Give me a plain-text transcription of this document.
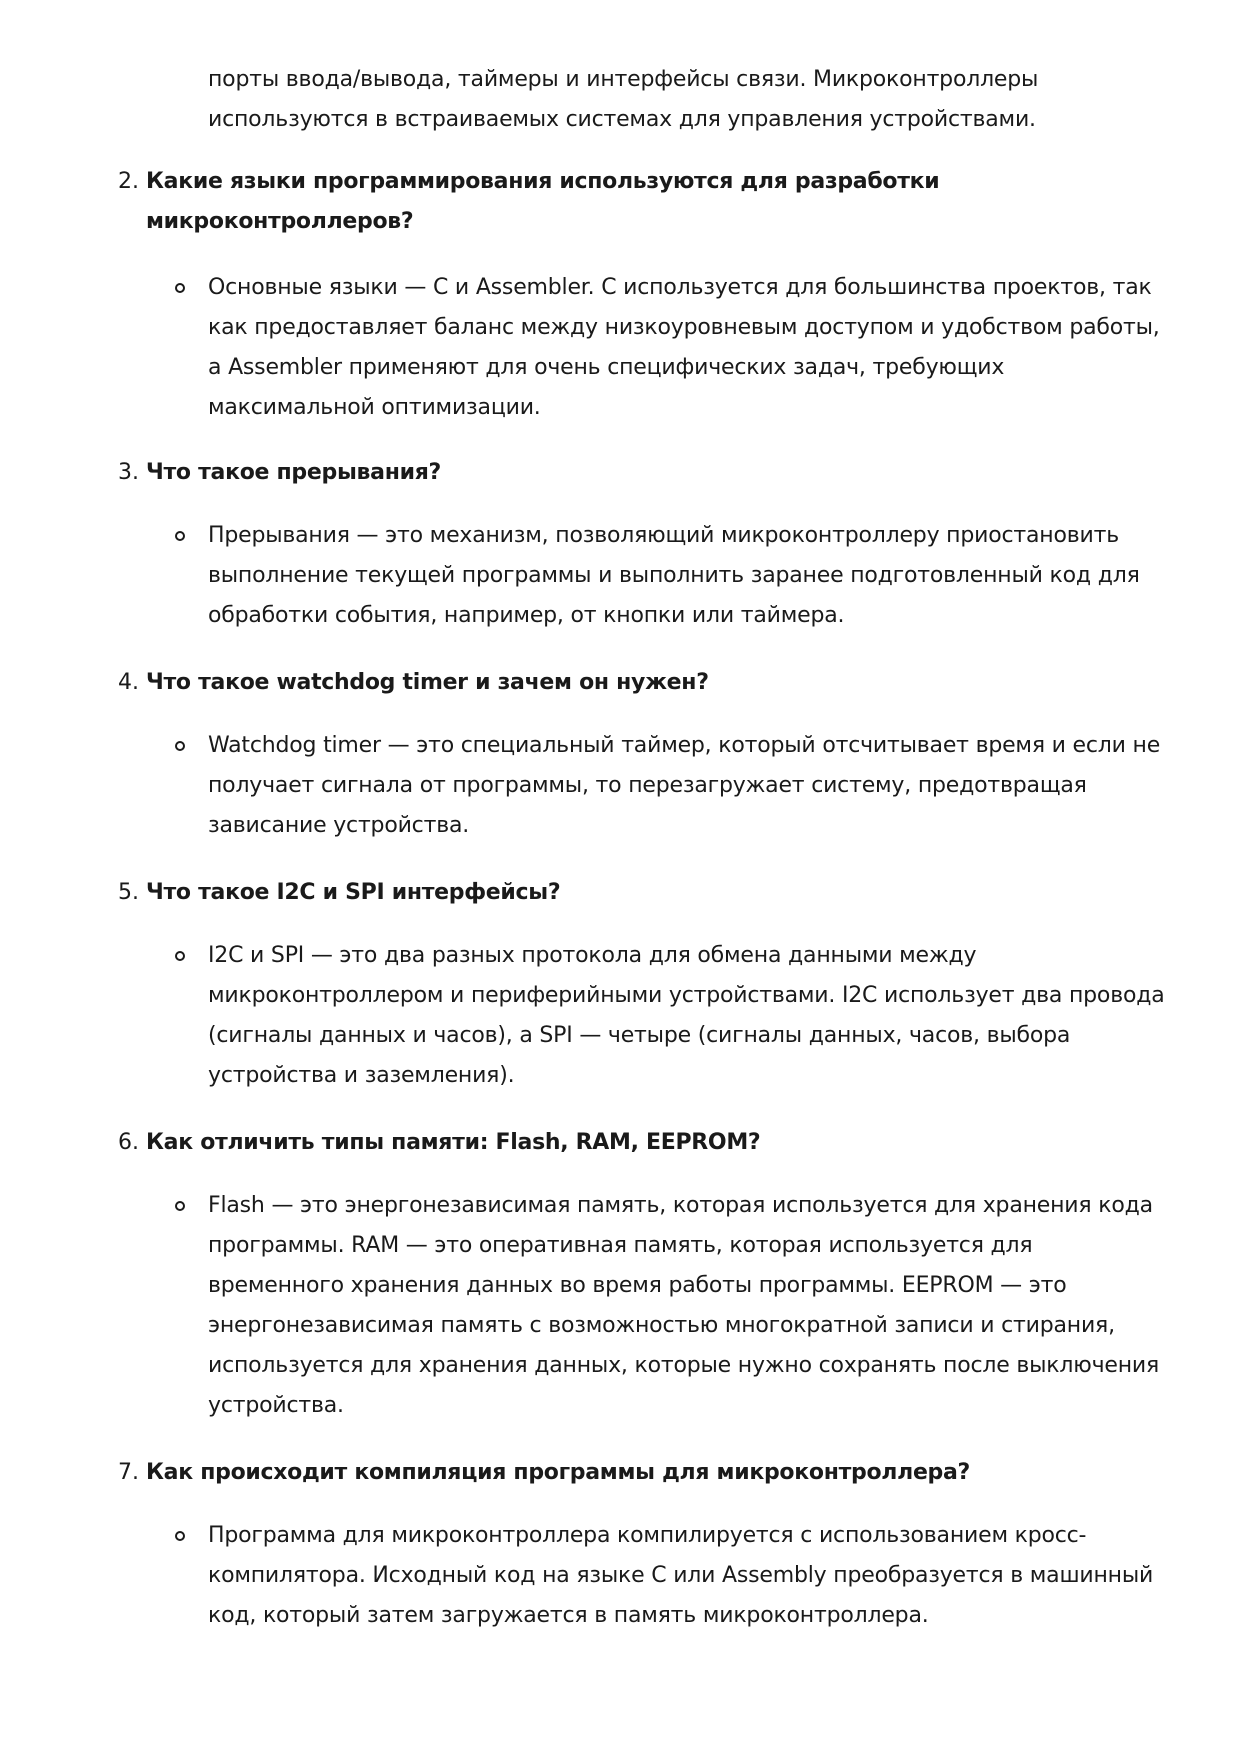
порты ввода/вывода, таймеры и интерфейсы связи. Микроконтроллеры используются в встраиваемых системах для управления устройствами.
2. Какие языки программирования используются для разработки микроконтроллеров?
Основные языки — C и Assembler. C используется для большинства проектов, так как предоставляет баланс между низкоуровневым доступом и удобством работы, а Assembler применяют для очень специфических задач, требующих максимальной оптимизации.
3. Что такое прерывания?
Прерывания — это механизм, позволяющий микроконтроллеру приостановить выполнение текущей программы и выполнить заранее подготовленный код для обработки события, например, от кнопки или таймера.
4. Что такое watchdog timer и зачем он нужен?
Watchdog timer — это специальный таймер, который отсчитывает время и если не получает сигнала от программы, то перезагружает систему, предотвращая зависание устройства.
5. Что такое I2C и SPI интерфейсы?
I2C и SPI — это два разных протокола для обмена данными между микроконтроллером и периферийными устройствами. I2C использует два провода (сигналы данных и часов), а SPI — четыре (сигналы данных, часов, выбора устройства и заземления).
6. Как отличить типы памяти: Flash, RAM, EEPROM?
Flash — это энергонезависимая память, которая используется для хранения кода программы. RAM — это оперативная память, которая используется для временного хранения данных во время работы программы. EEPROM — это энергонезависимая память с возможностью многократной записи и стирания, используется для хранения данных, которые нужно сохранять после выключения устройства.
7. Как происходит компиляция программы для микроконтроллера?
Программа для микроконтроллера компилируется с использованием кросс-компилятора. Исходный код на языке C или Assembly преобразуется в машинный код, который затем загружается в память микроконтроллера.
